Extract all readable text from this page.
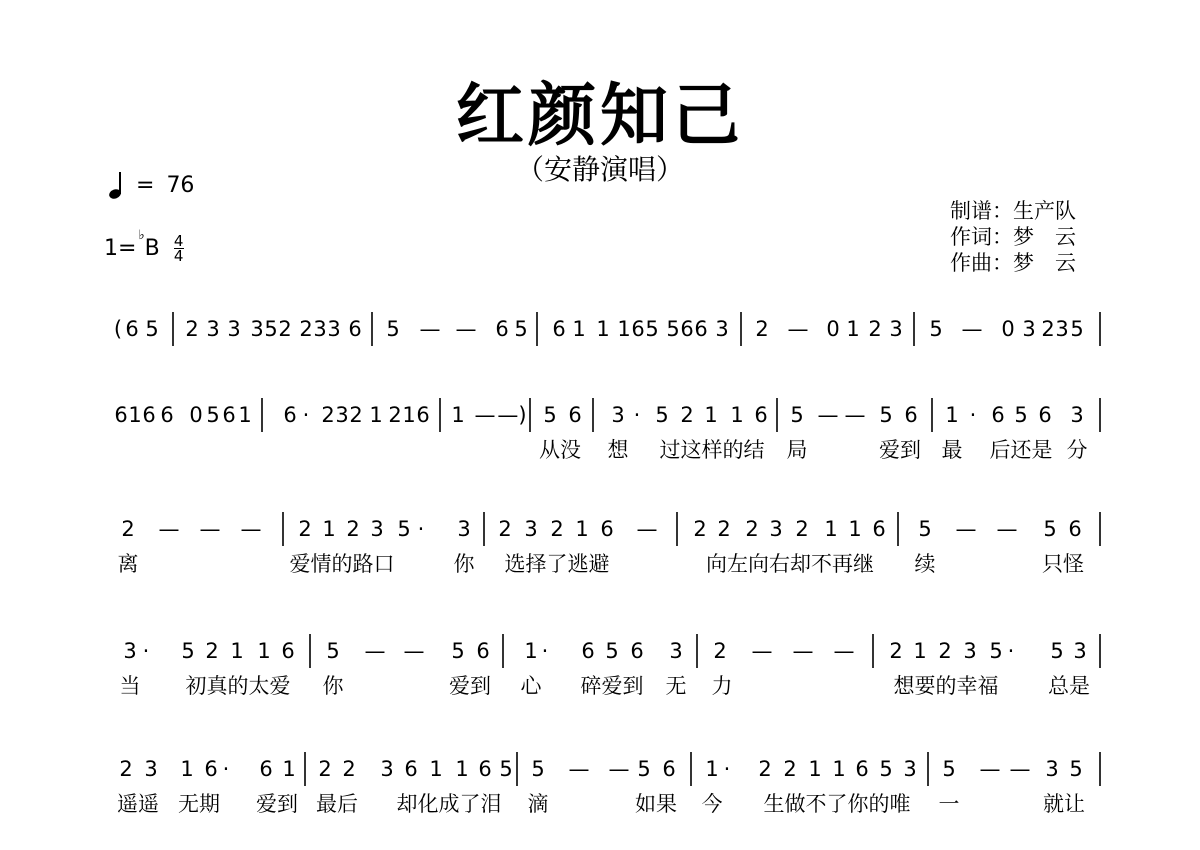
红颜知己
（安静演唱）
= 76
1=
♭
B 4
4
制谱：生产队
作词：梦　云
作曲：梦　云
( 6 5 2 3 3 3 5 2 2 3 3 6 5 — — 6 5 6 1 1 1 6 5 5 6 6 3 2 — 0 1 2 3 5 — 0 3 2 3 5
6 1 6 6 0 5 6 1 6 · 2 3 2 1 2 1 6 1 — —) 5 6 3 · 5 2 1 1 6 5 — — 5 6 1 · 6 5 6 3
从没 想 过这样的结 局	爱到 最 后还是 分
2 — — — 2 1 2 3 5 · 3 2 3 2 1 6 — 2 2 2 3 2 1 1 6 5 — — 5 6
离	爱情的路口	你 选择了逃避	向左向右却不再继 续	只怪
3 · 5 2 1 1 6 5 — — 5 6 1 · 6 5 6 3 2 — — — 2 1 2 3 5 · 5 3
当 初真的太爱 你	爱到 心 碎爱到 无 力	想要的幸福 总是
2 3 1 6 · 6 1 2 2 3 6 1 1 6 5 5 — — 5 6 1 · 2 2 1 1 6 5 3 5 — — 3 5
遥遥 无期 爱到 最后 却化成了泪 滴	如果 今 生做不了你的唯 一	就让
